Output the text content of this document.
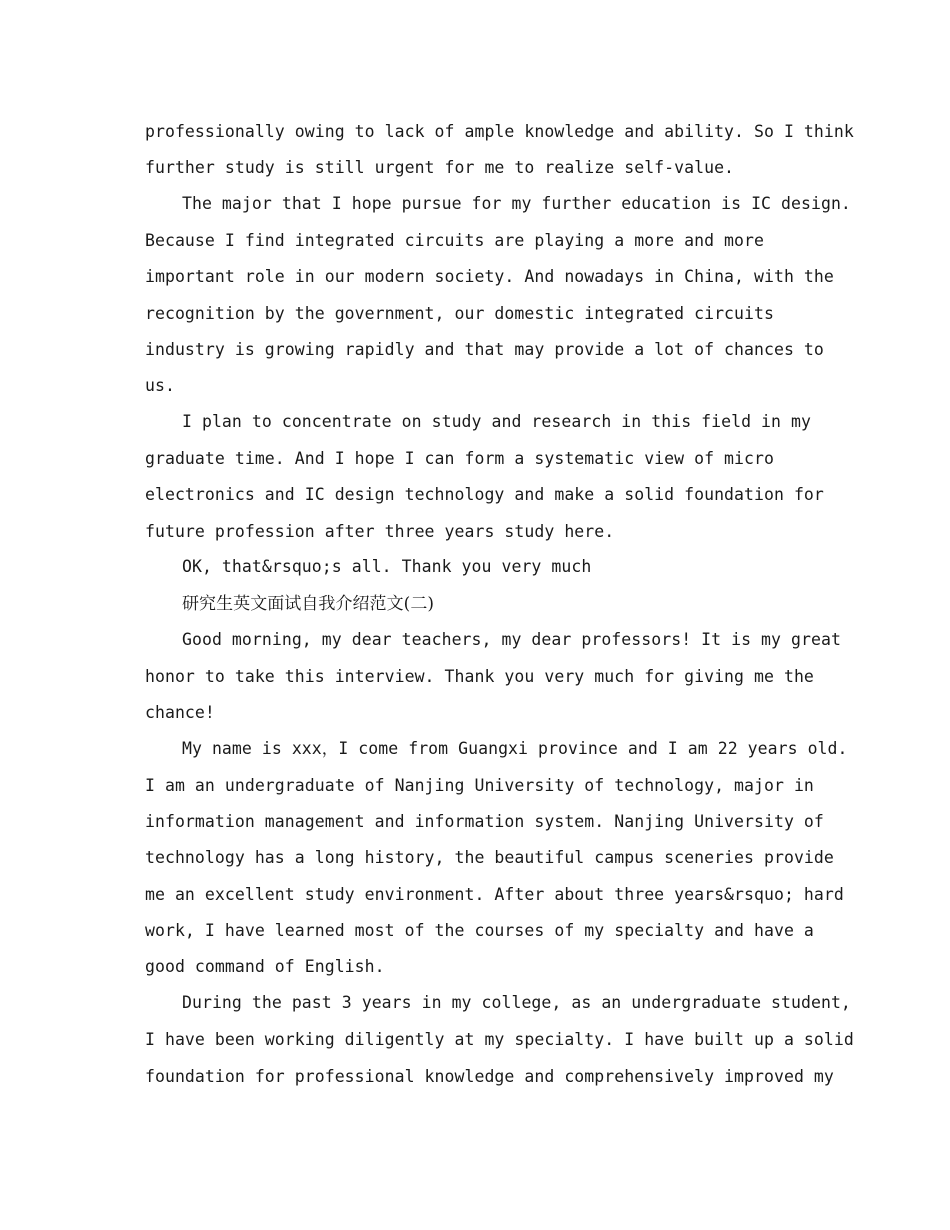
professionally owing to lack of ample knowledge and ability. So I think
further study is still urgent for me to realize self-value.
The major that I hope pursue for my further education is IC design.
Because I find integrated circuits are playing a more and more
important role in our modern society. And nowadays in China, with the
recognition by the government, our domestic integrated circuits
industry is growing rapidly and that may provide a lot of chances to
us.
I plan to concentrate on study and research in this field in my
graduate time. And I hope I can form a systematic view of micro
electronics and IC design technology and make a solid foundation for
future profession after three years study here.
OK, that&rsquo;s all. Thank you very much
研究生英文面试自我介绍范文(二)
Good morning, my dear teachers, my dear professors! It is my great
honor to take this interview. Thank you very much for giving me the
chance!
My name is xxx，I come from Guangxi province and I am 22 years old.
I am an undergraduate of Nanjing University of technology, major in
information management and information system. Nanjing University of
technology has a long history, the beautiful campus sceneries provide
me an excellent study environment. After about three years&rsquo; hard
work, I have learned most of the courses of my specialty and have a
good command of English.
During the past 3 years in my college, as an undergraduate student,
I have been working diligently at my specialty. I have built up a solid
foundation for professional knowledge and comprehensively improved my
